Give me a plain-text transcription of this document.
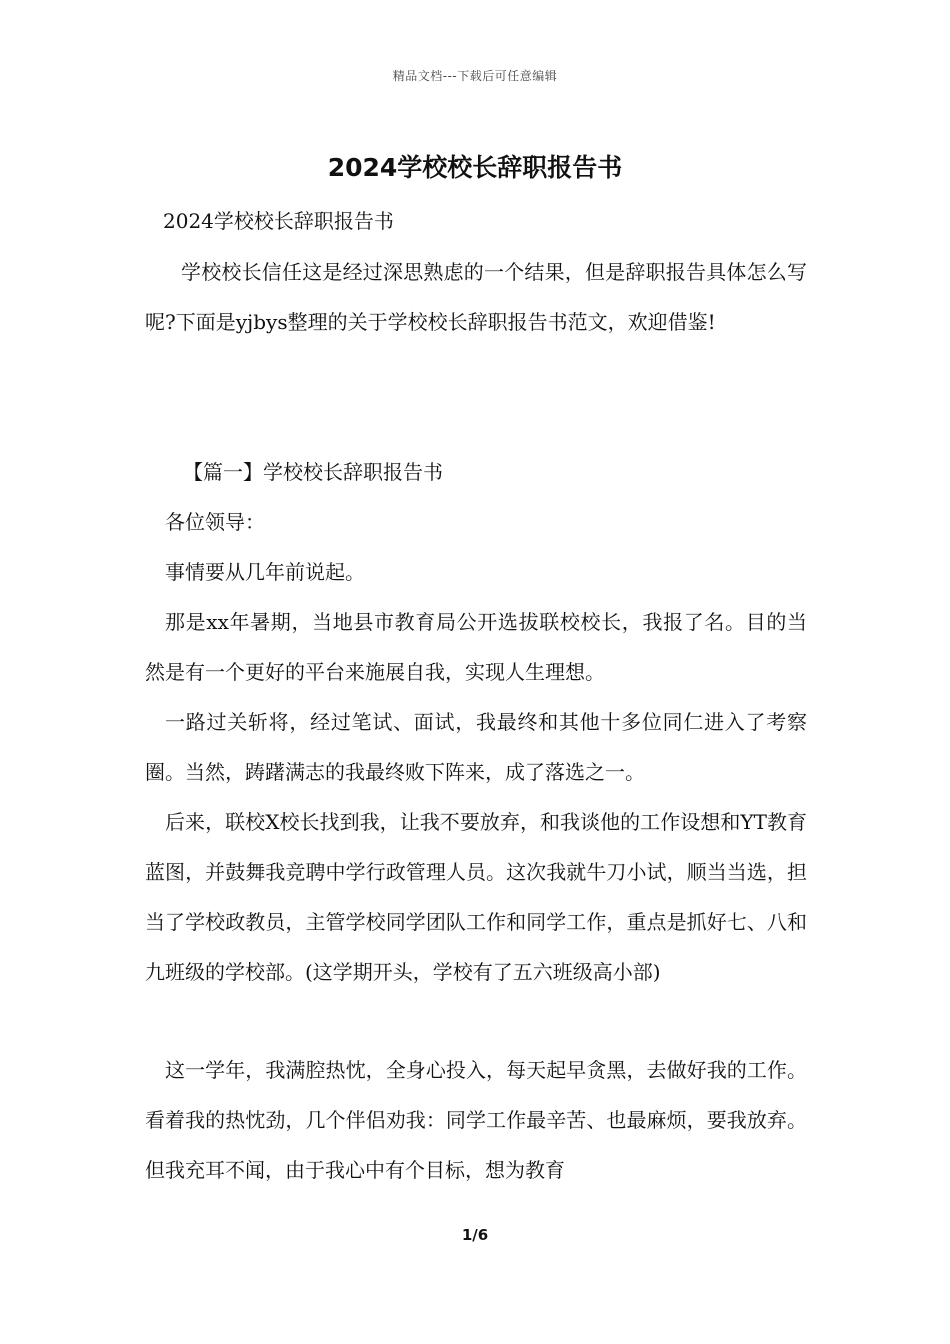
精品文档---下载后可任意编辑
2024学校校长辞职报告书

2024学校校长辞职报告书

学校校长信任这是经过深思熟虑的一个结果，但是辞职报告具体怎么写呢?下面是yjbys整理的关于学校校长辞职报告书范文，欢迎借鉴!

【篇一】学校校长辞职报告书

各位领导：

事情要从几年前说起。

那是xx年暑期，当地县市教育局公开选拔联校校长，我报了名。目的当然是有一个更好的平台来施展自我，实现人生理想。

一路过关斩将，经过笔试、面试，我最终和其他十多位同仁进入了考察圈。当然，踌躇满志的我最终败下阵来，成了落选之一。

后来，联校X校长找到我，让我不要放弃，和我谈他的工作设想和YT教育蓝图，并鼓舞我竞聘中学行政管理人员。这次我就牛刀小试，顺当当选，担当了学校政教员，主管学校同学团队工作和同学工作，重点是抓好七、八和九班级的学校部。(这学期开头，学校有了五六班级高小部)

这一学年，我满腔热忱，全身心投入，每天起早贪黑，去做好我的工作。看着我的热忱劲，几个伴侣劝我：同学工作最辛苦、也最麻烦，要我放弃。但我充耳不闻，由于我心中有个目标，想为教育

1/6
